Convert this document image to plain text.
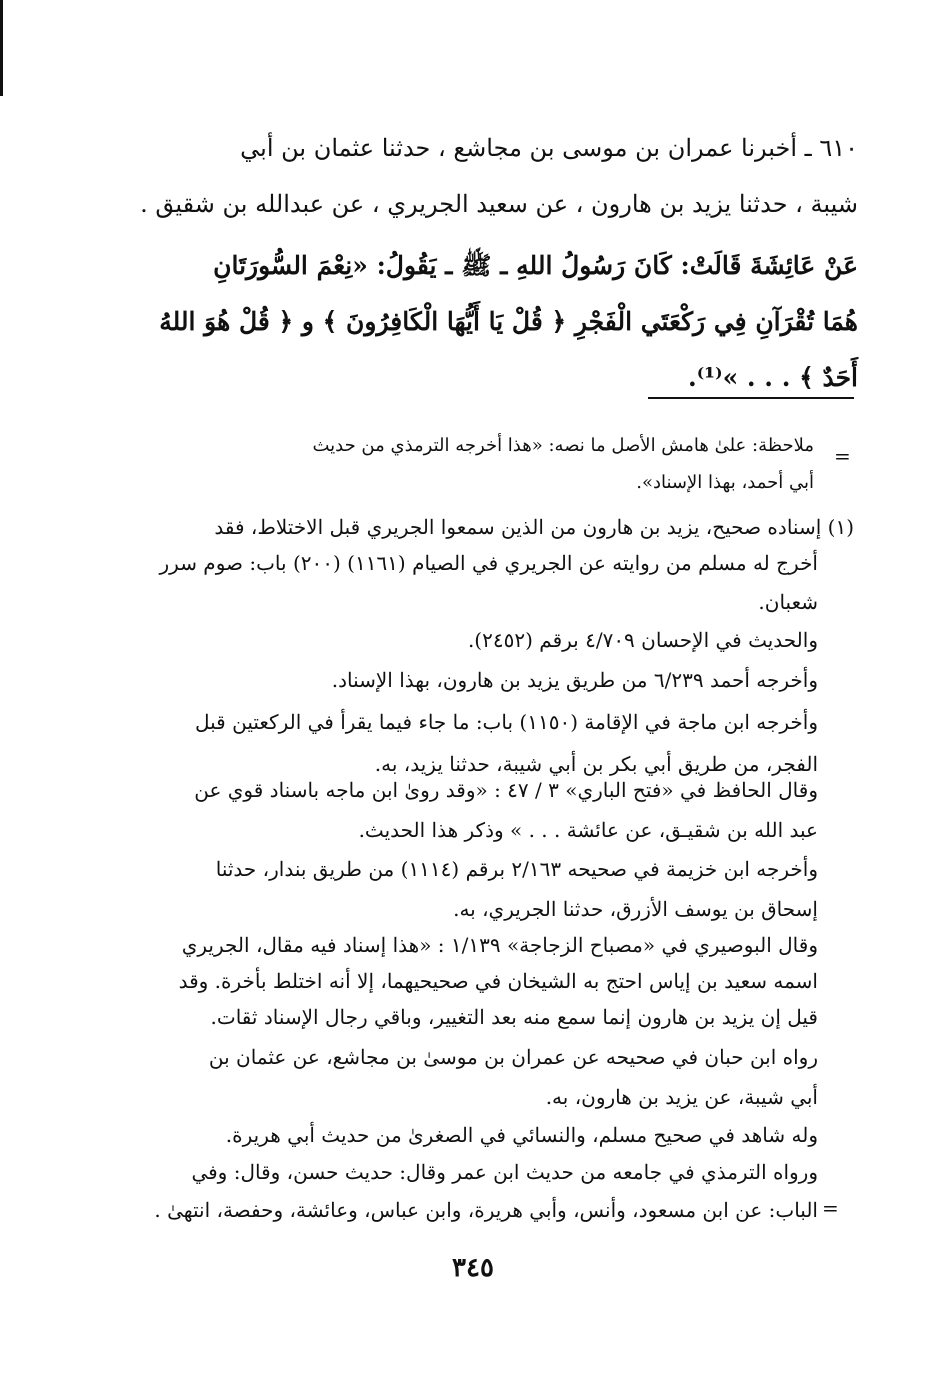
٦١٠ ـ أخبرنا عمران بن موسى بن مجاشع ، حدثنا عثمان بن أبي
شيبة ، حدثنا يزيد بن هارون ، عن سعيد الجريري ، عن عبدالله بن شقيق .
عَنْ عَائِشَةَ قَالَتْ: كَانَ رَسُولُ اللهِ ـ ﷺ ـ يَقُولُ: «نِعْمَ السُّورَتَانِ
هُمَا تُقْرَآنِ فِي رَكْعَتَي الْفَجْرِ ﴿ قُلْ يَا أَيُّهَا الْكَافِرُونَ ﴾ و ﴿ قُلْ هُوَ اللهُ
أَحَدٌ ﴾ . . . »⁽¹⁾.
=
ملاحظة: علىٰ هامش الأصل ما نصه: «هذا أخرجه الترمذي من حديث
أبي أحمد، بهذا الإسناد».
(١) إسناده صحيح، يزيد بن هارون من الذين سمعوا الجريري قبل الاختلاط، فقد
أخرج له مسلم من روايته عن الجريري في الصيام (١١٦١) (٢٠٠) باب: صوم سرر
شعبان.
والحديث في الإحسان ٤/٧٠٩ برقم (٢٤٥٢).
وأخرجه أحمد ٦/٢٣٩ من طريق يزيد بن هارون، بهذا الإسناد.
وأخرجه ابن ماجة في الإقامة (١١٥٠) باب: ما جاء فيما يقرأ في الركعتين قبل
الفجر، من طريق أبي بكر بن أبي شيبة، حدثنا يزيد، به.
وقال الحافظ في «فتح الباري» ٣ / ٤٧ : «وقد روىٰ ابن ماجه باسناد قوي عن
عبد الله بن شقيـق، عن عائشة . . . » وذكر هذا الحديث.
وأخرجه ابن خزيمة في صحيحه ٢/١٦٣ برقم (١١١٤) من طريق بندار، حدثنا
إسحاق بن يوسف الأزرق، حدثنا الجريري، به.
وقال البوصيري في «مصباح الزجاجة» ١/١٣٩ : «هذا إسناد فيه مقال، الجريري
اسمه سعيد بن إياس احتج به الشيخان في صحيحيهما، إلا أنه اختلط بأخرة. وقد
قيل إن يزيد بن هارون إنما سمع منه بعد التغيير، وباقي رجال الإسناد ثقات.
رواه ابن حبان في صحيحه عن عمران بن موسىٰ بن مجاشع، عن عثمان بن
أبي شيبة، عن يزيد بن هارون، به.
وله شاهد في صحيح مسلم، والنسائي في الصغرىٰ من حديث أبي هريرة.
ورواه الترمذي في جامعه من حديث ابن عمر وقال: حديث حسن، وقال: وفي
الباب: عن ابن مسعود، وأنس، وأبي هريرة، وابن عباس، وعائشة، وحفصة، انتهىٰ . =
٣٤٥
